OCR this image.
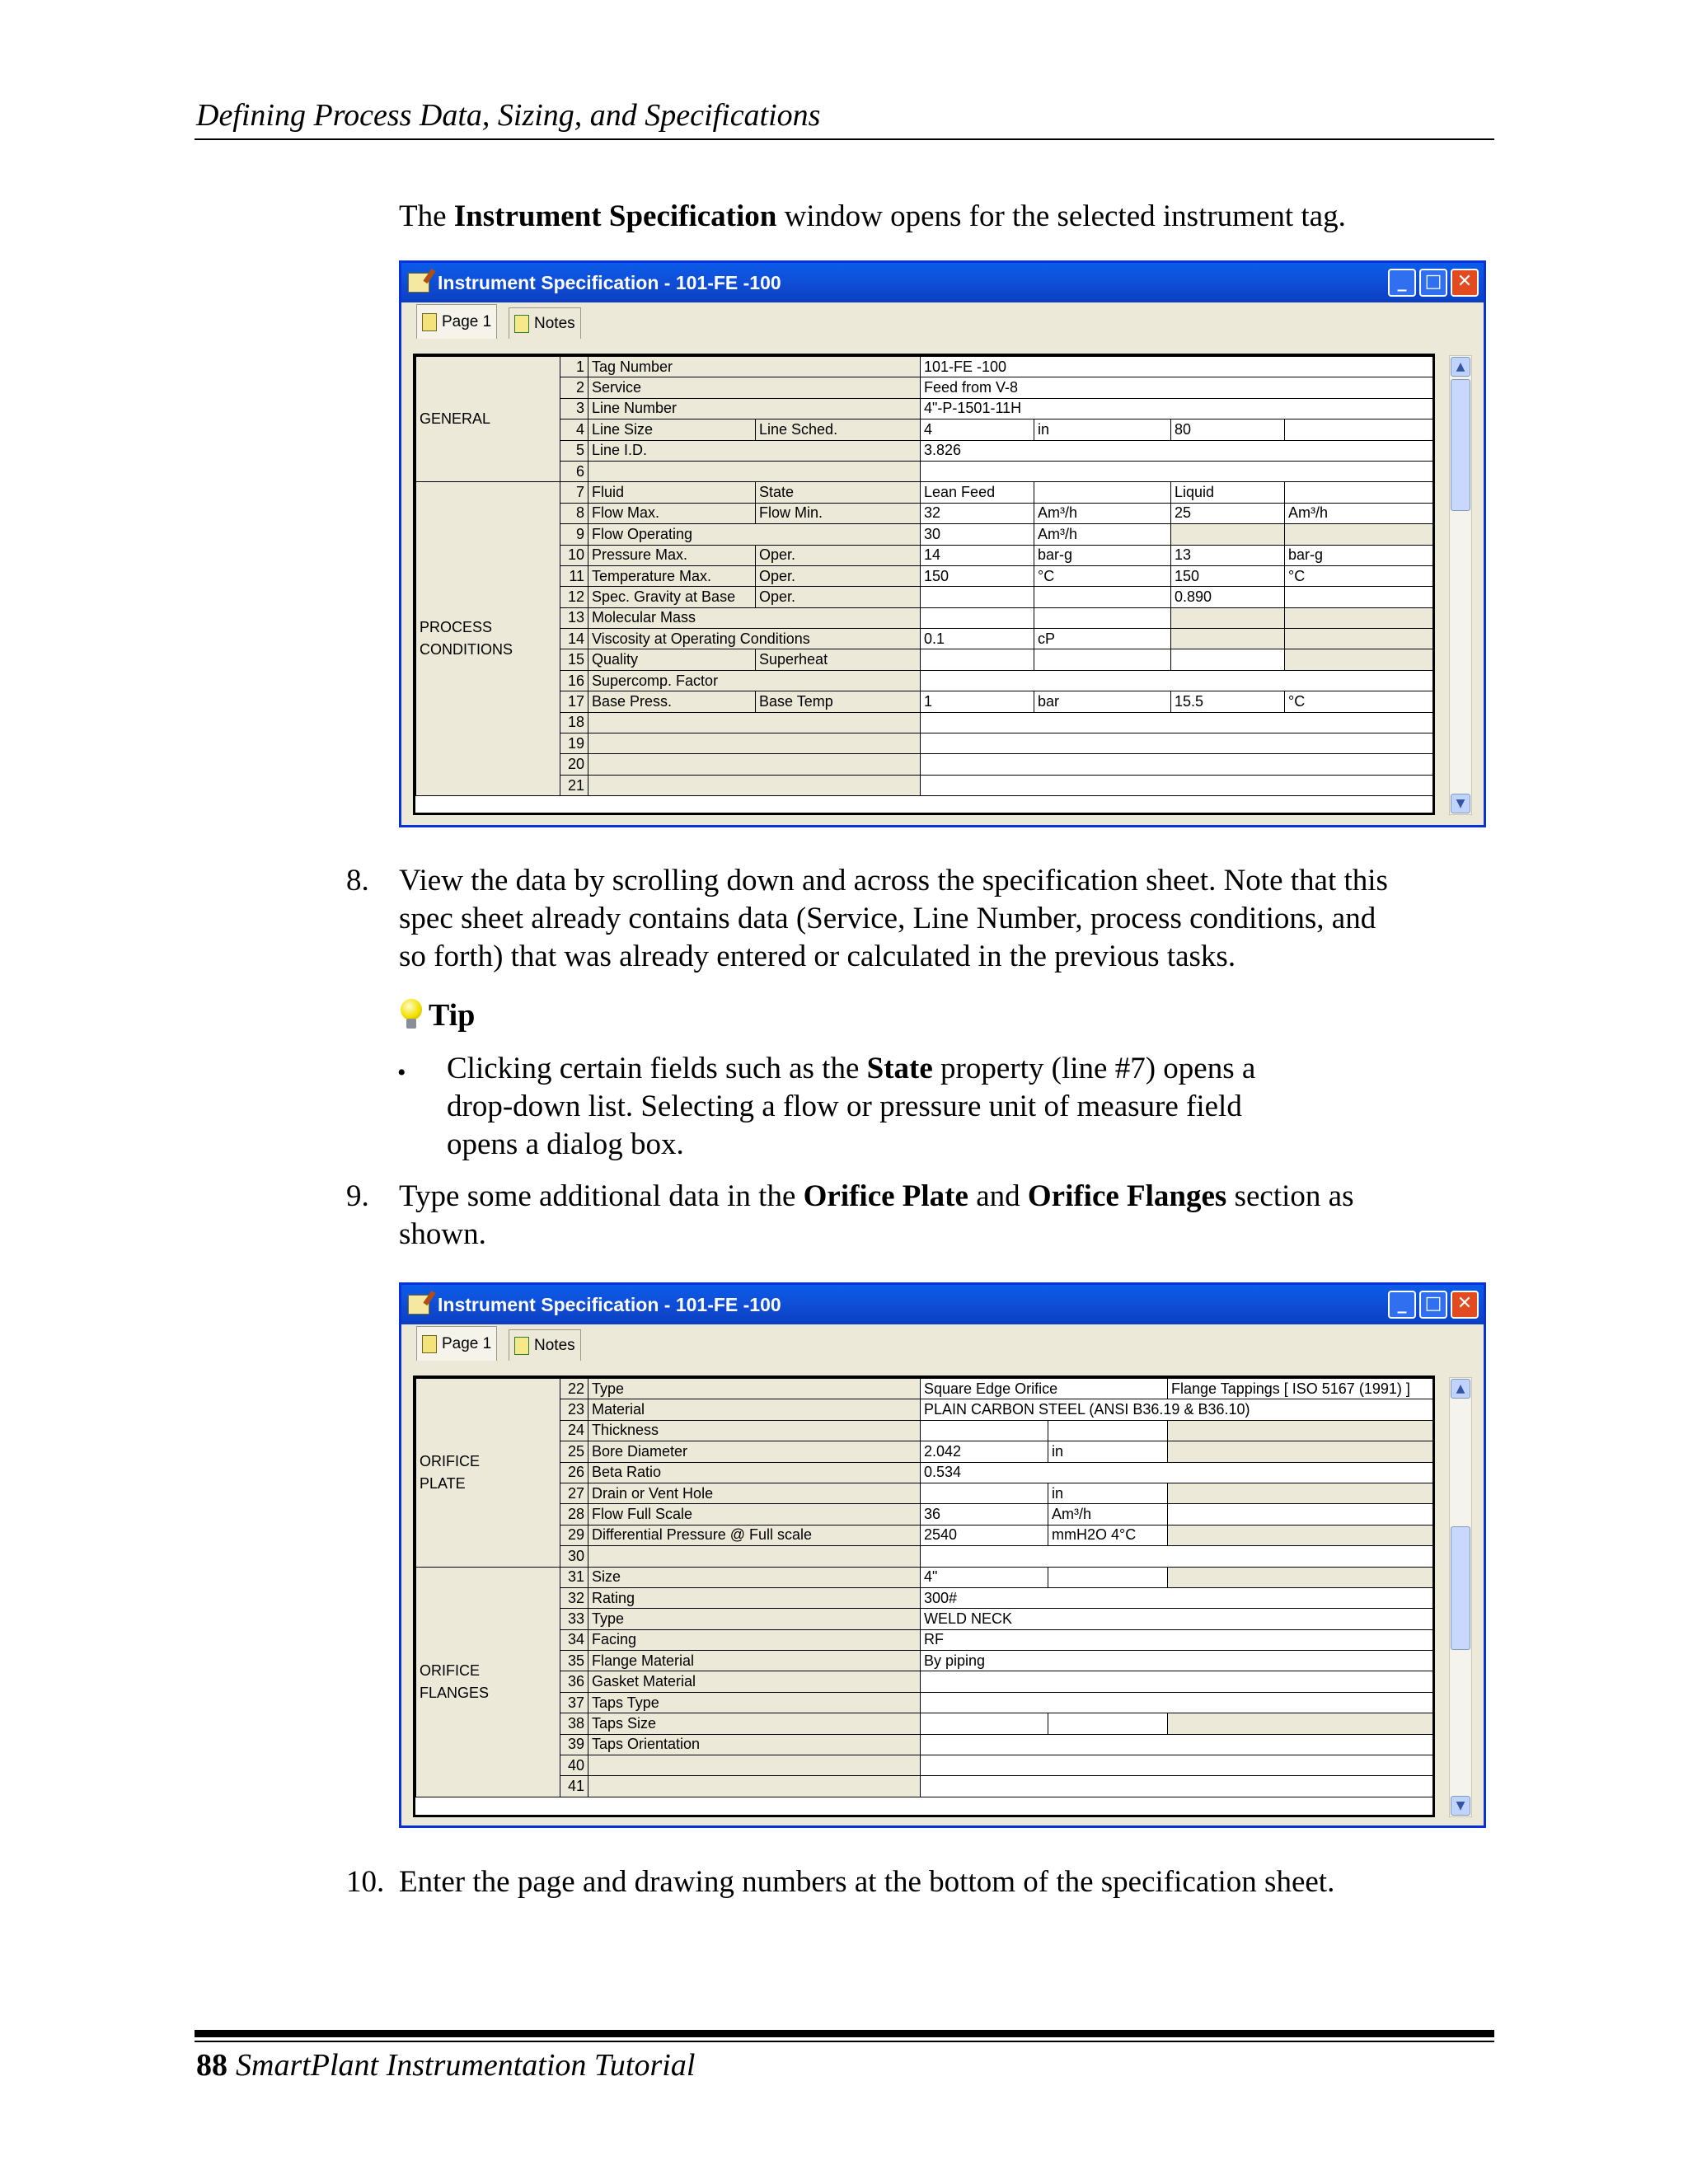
Defining Process Data, Sizing, and Specifications
The Instrument Specification window opens for the selected instrument tag.
Instrument Specification - 101-FE -100	_	□ ✕
Page 1	Notes
GENERAL	1	Tag Number		101-FE -100			
	2	Service		Feed from V-8			
	3	Line Number		4"-P-1501-11H			
	4	Line Size	Line Sched.	4	in	80	
	5	Line I.D.		3.826			
	6						

PROCESS
CONDITIONS	7	Fluid	State	Lean Feed		Liquid	
	8	Flow Max.	Flow Min.	32	Am³/h	25	Am³/h
	9	Flow Operating		30	Am³/h		
	10	Pressure Max.	Oper.	14	bar-g	13	bar-g
	11	Temperature Max.	Oper.	150	°C	150	°C
	12	Spec. Gravity at Base	Oper.			0.890	
	13	Molecular Mass					
	14	Viscosity at Operating Conditions		0.1	cP		
	15	Quality	Superheat				
	16	Supercomp. Factor					
	17	Base Press.	Base Temp	1	bar	15.5	°C
	18						
	19						
	20						
	21						
▲
▼
8. View the data by scrolling down and across the specification sheet. Note that this
spec sheet already contains data (Service, Line Number, process conditions, and
so forth) that was already entered or calculated in the previous tasks.
Tip
• Clicking certain fields such as the State property (line #7) opens a
drop-down list. Selecting a flow or pressure unit of measure field
opens a dialog box.
9. Type some additional data in the Orifice Plate and Orifice Flanges section as
shown.
Instrument Specification - 101-FE -100	_	□ ✕
Page 1	Notes
ORIFICE
PLATE	22	Type	Square Edge Orifice		Flange Tappings [ ISO 5167 (1991) ]	
	23	Material	PLAIN CARBON STEEL (ANSI B36.19 & B36.10)			
	24	Thickness				
	25	Bore Diameter	2.042	in		
	26	Beta Ratio	0.534			
	27	Drain or Vent Hole		in		
	28	Flow Full Scale	36	Am³/h		
	29	Differential Pressure @ Full scale	2540	mmH2O 4°C		
	30					

ORIFICE
FLANGES	31	Size	4"			
	32	Rating	300#			
	33	Type	WELD NECK			
	34	Facing	RF			
	35	Flange Material	By piping			
	36	Gasket Material				
	37	Taps Type				
	38	Taps Size				
	39	Taps Orientation				
	40					
	41					
▲
▼
10. Enter the page and drawing numbers at the bottom of the specification sheet.
88 SmartPlant Instrumentation Tutorial
